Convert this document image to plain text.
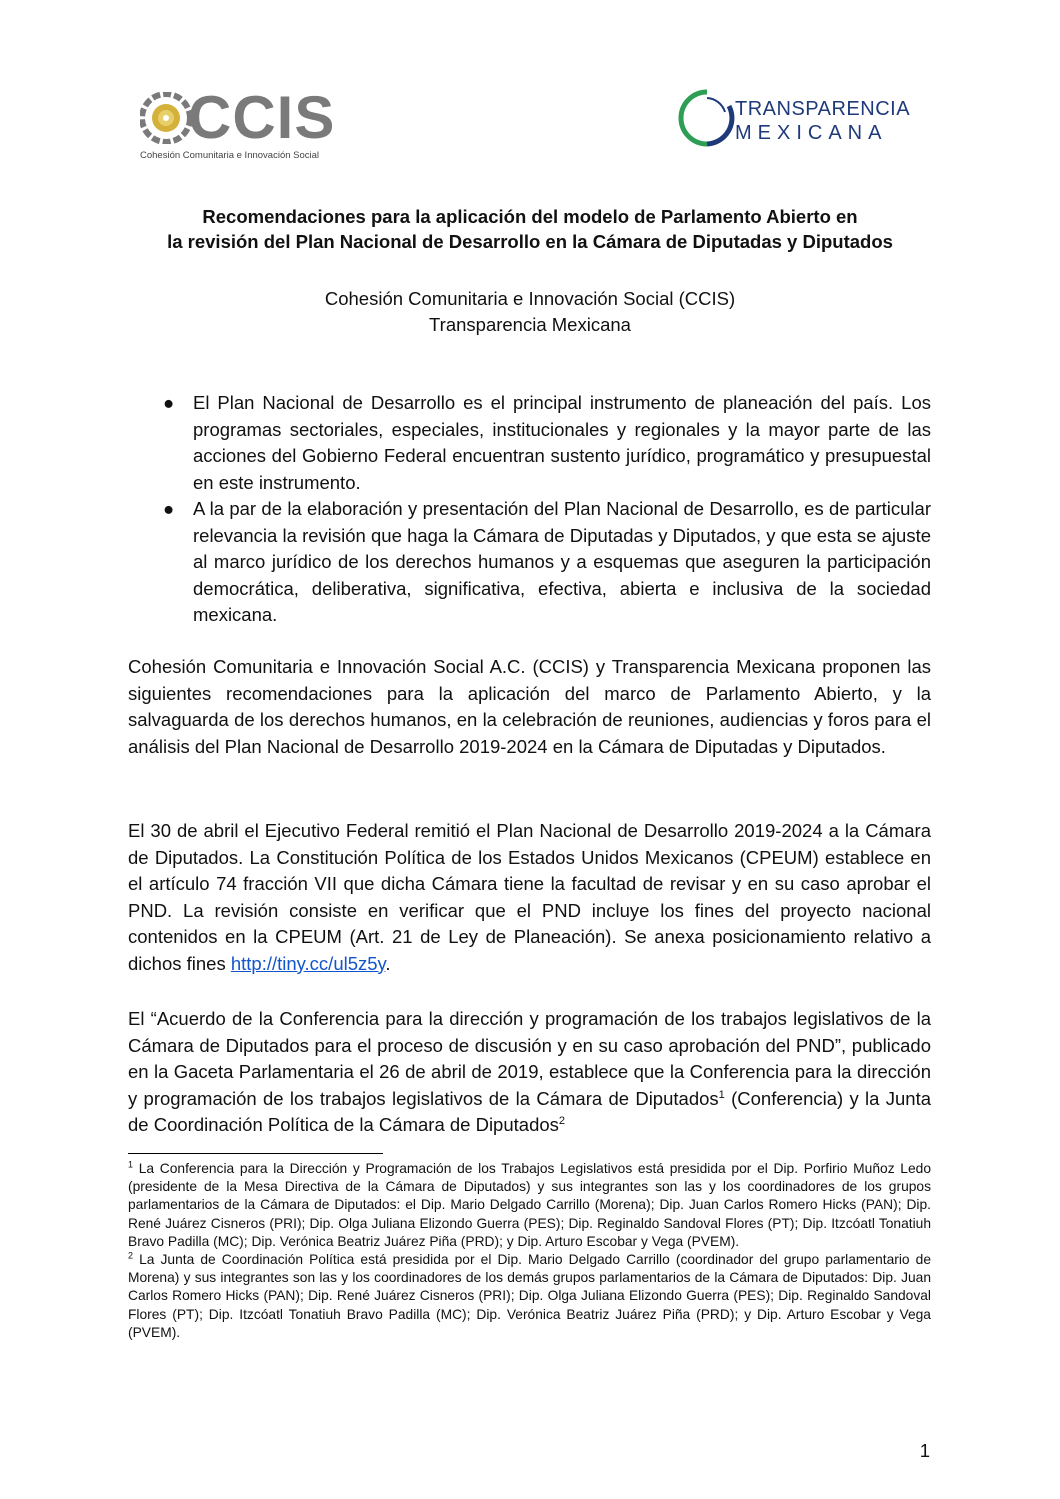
CCIS
Cohesión Comunitaria e Innovación Social
TRANSPARENCIA
MEXICANA
Recomendaciones para la aplicación del modelo de Parlamento Abierto en
la revisión del Plan Nacional de Desarrollo en la Cámara de Diputadas y Diputados
Cohesión Comunitaria e Innovación Social (CCIS)
Transparencia Mexicana
● El Plan Nacional de Desarrollo es el principal instrumento de planeación del país. Los programas sectoriales, especiales, institucionales y regionales y la mayor parte de las acciones del Gobierno Federal encuentran sustento jurídico, programático y presupuestal en este instrumento.
● A la par de la elaboración y presentación del Plan Nacional de Desarrollo, es de particular relevancia la revisión que haga la Cámara de Diputadas y Diputados, y que esta se ajuste al marco jurídico de los derechos humanos y a esquemas que aseguren la participación democrática, deliberativa, significativa, efectiva, abierta e inclusiva de la sociedad mexicana.
Cohesión Comunitaria e Innovación Social A.C. (CCIS) y Transparencia Mexicana proponen las siguientes recomendaciones para la aplicación del marco de Parlamento Abierto, y la salvaguarda de los derechos humanos, en la celebración de reuniones, audiencias y foros para el análisis del Plan Nacional de Desarrollo 2019-2024 en la Cámara de Diputadas y Diputados.
El 30 de abril el Ejecutivo Federal remitió el Plan Nacional de Desarrollo 2019-2024 a la Cámara de Diputados. La Constitución Política de los Estados Unidos Mexicanos (CPEUM) establece en el artículo 74 fracción VII que dicha Cámara tiene la facultad de revisar y en su caso aprobar el PND. La revisión consiste en verificar que el PND incluye los fines del proyecto nacional contenidos en la CPEUM (Art. 21 de Ley de Planeación). Se anexa posicionamiento relativo a dichos fines http://tiny.cc/ul5z5y.
El “Acuerdo de la Conferencia para la dirección y programación de los trabajos legislativos de la Cámara de Diputados para el proceso de discusión y en su caso aprobación del PND”, publicado en la Gaceta Parlamentaria el 26 de abril de 2019, establece que la Conferencia para la dirección y programación de los trabajos legislativos de la Cámara de Diputados$^1$ (Conferencia) y la Junta de Coordinación Política de la Cámara de Diputados$^2$

$^1$ La Conferencia para la Dirección y Programación de los Trabajos Legislativos está presidida por el Dip. Porfirio Muñoz Ledo (presidente de la Mesa Directiva de la Cámara de Diputados) y sus integrantes son las y los coordinadores de los grupos parlamentarios de la Cámara de Diputados: el Dip. Mario Delgado Carrillo (Morena); Dip. Juan Carlos Romero Hicks (PAN); Dip. René Juárez Cisneros (PRI); Dip. Olga Juliana Elizondo Guerra (PES); Dip. Reginaldo Sandoval Flores (PT); Dip. Itzcóatl Tonatiuh Bravo Padilla (MC); Dip. Verónica Beatriz Juárez Piña (PRD); y Dip. Arturo Escobar y Vega (PVEM).

$^2$ La Junta de Coordinación Política está presidida por el Dip. Mario Delgado Carrillo (coordinador del grupo parlamentario de Morena) y sus integrantes son las y los coordinadores de los demás grupos parlamentarios de la Cámara de Diputados: Dip. Juan Carlos Romero Hicks (PAN); Dip. René Juárez Cisneros (PRI); Dip. Olga Juliana Elizondo Guerra (PES); Dip. Reginaldo Sandoval Flores (PT); Dip. Itzcóatl Tonatiuh Bravo Padilla (MC); Dip. Verónica Beatriz Juárez Piña (PRD); y Dip. Arturo Escobar y Vega (PVEM).

1
